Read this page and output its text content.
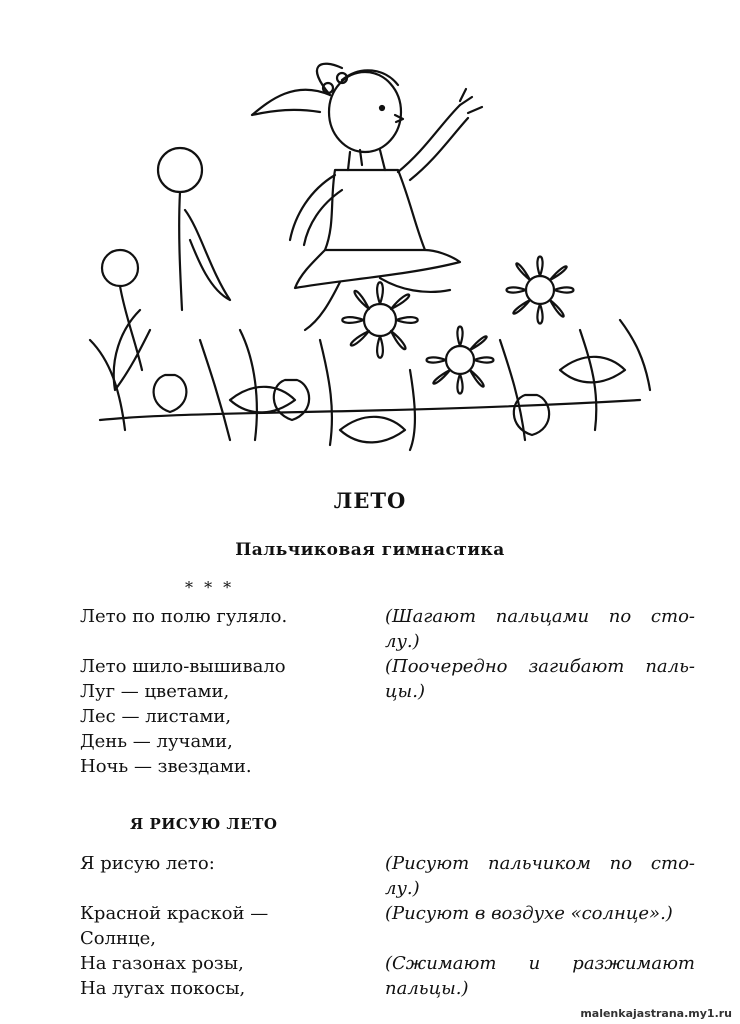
ЛЕТО
Пальчиковая гимнастика
* * *
Лето по полю гуляло.
Лето шило-вышивало
Луг — цветами,
Лес — листами,
День — лучами,
Ночь — звездами.
(Шагают пальцами по сто-
лу.)
(Поочередно загибают паль-
цы.)
Я РИСУЮ ЛЕТО
Я рисую лето:
Красной краской —
Солнце,
На газонах розы,
На лугах покосы,
(Рисуют пальчиком по сто-
лу.)
(Рисуют в воздухе «солнце».)
(Сжимают и разжимают
пальцы.)
malenkajastrana.my1.ru
